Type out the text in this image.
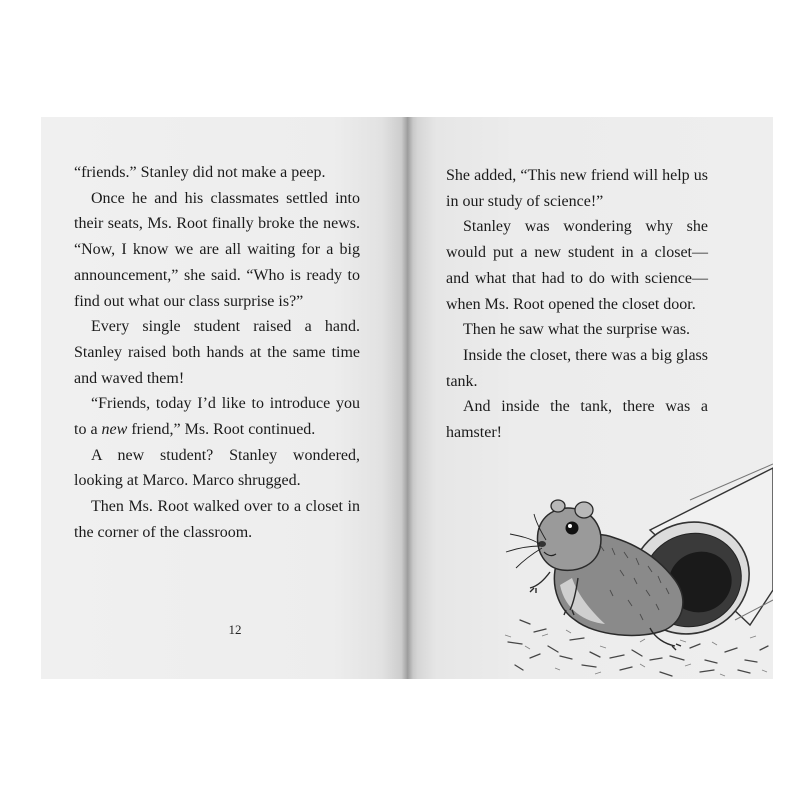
“friends.” Stanley did not make a peep.

Once he and his classmates settled into their seats, Ms. Root finally broke the news. “Now, I know we are all waiting for a big announcement,” she said. “Who is ready to find out what our class surprise is?”

Every single student raised a hand. Stanley raised both hands at the same time and waved them!

“Friends, today I’d like to introduce you to a new friend,” Ms. Root continued.

A new student? Stanley wondered, looking at Marco. Marco shrugged.

Then Ms. Root walked over to a closet in the corner of the classroom.

12

She added, “This new friend will help us in our study of science!”

Stanley was wondering why she would put a new student in a closet—and what that had to do with science—when Ms. Root opened the closet door.

Then he saw what the surprise was.

Inside the closet, there was a big glass tank.

And inside the tank, there was a hamster!
